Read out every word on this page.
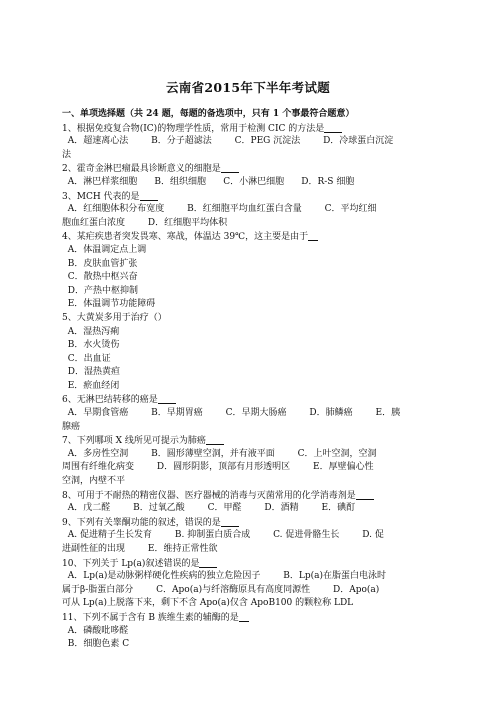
云南省2015年下半年考试题
一、单项选择题（共 24 题，每题的备选项中，只有 1 个事最符合题意）
1、根据免疫复合物(IC)的物理学性质，常用于检测 CIC 的方法是
A．超速离心法	B．分子超滤法	C．PEG 沉淀法	D．冷球蛋白沉淀
法
2、霍奇金淋巴瘤最具诊断意义的细胞是
A．淋巴样浆细胞 B．组织细胞 C．小淋巴细胞 D．R-S 细胞
3、MCH 代表的是
A．红细胞体积分布宽度	B．红细胞平均血红蛋白含量	C．平均红细
胞血红蛋白浓度	D．红细胞平均体积
4、某疟疾患者突发畏寒、寒战，体温达 39℃，这主要是由于
A．体温调定点上调
B．皮肤血管扩张
C．散热中枢兴奋
D．产热中枢抑制
E．体温调节功能障碍
5、大黄炭多用于治疗（）
A．湿热泻痢
B．水火烫伤
C．出血证
D．湿热黄疸
E．瘀血经闭
6、无淋巴结转移的癌是
A．早期食管癌	B．早期胃癌	C．早期大肠癌	D．肺鳞癌	E．胰
腺癌
7、下列哪项 X 线所见可提示为肺癌
A．多房性空洞	B．圆形薄壁空洞，并有液平面	C．上叶空洞，空洞
周围有纤维化病变	D．圆形阴影，顶部有月形透明区	E．厚壁偏心性
空洞，内壁不平
8、可用于不耐热的精密仪器、医疗器械的消毒与灭菌常用的化学消毒剂是
A．戊二醛	B．过氧乙酸	C．甲醛	D．酒精	E．碘酊
9、下列有关睾酮功能的叙述，错误的是
A. 促进精子生长发育	B. 抑制蛋白质合成	C. 促进骨骼生长	D. 促
进副性征的出现	E．维持正常性欲
10、下列关于 Lp(a)叙述错误的是
A．Lp(a)是动脉粥样硬化性疾病的独立危险因子	B．Lp(a)在脂蛋白电泳时
属于β-脂蛋白部分	C．Apo(a)与纤溶酶原具有高度同源性	D．Apo(a)
可从 Lp(a)上脱落下来，剩下不含 Apo(a)仅含 ApoB100 的颗粒称 LDL
11、下列不属于含有 B 族维生素的辅酶的是
A．磷酸吡哆醛
B．细胞色素 C
